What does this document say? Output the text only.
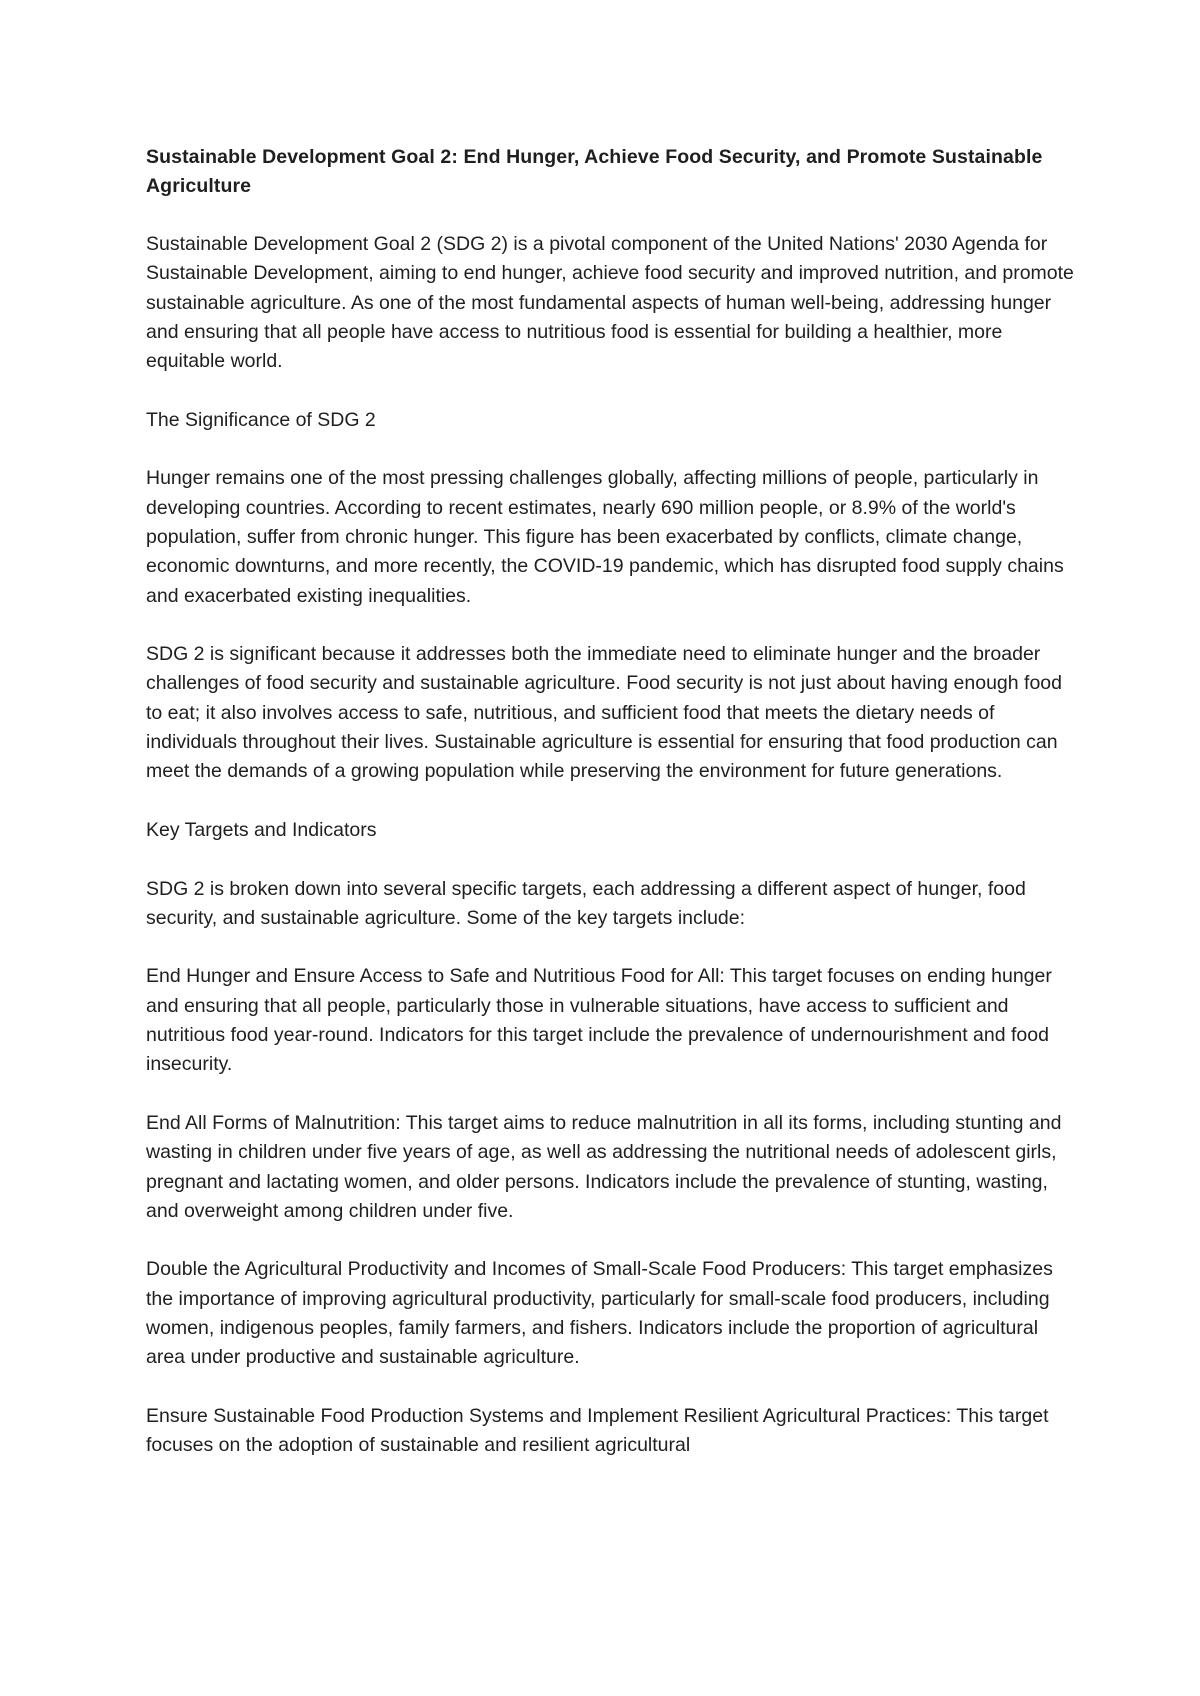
Sustainable Development Goal 2: End Hunger, Achieve Food Security, and Promote Sustainable Agriculture
Sustainable Development Goal 2 (SDG 2) is a pivotal component of the United Nations' 2030 Agenda for Sustainable Development, aiming to end hunger, achieve food security and improved nutrition, and promote sustainable agriculture. As one of the most fundamental aspects of human well-being, addressing hunger and ensuring that all people have access to nutritious food is essential for building a healthier, more equitable world.
The Significance of SDG 2
Hunger remains one of the most pressing challenges globally, affecting millions of people, particularly in developing countries. According to recent estimates, nearly 690 million people, or 8.9% of the world's population, suffer from chronic hunger. This figure has been exacerbated by conflicts, climate change, economic downturns, and more recently, the COVID-19 pandemic, which has disrupted food supply chains and exacerbated existing inequalities.
SDG 2 is significant because it addresses both the immediate need to eliminate hunger and the broader challenges of food security and sustainable agriculture. Food security is not just about having enough food to eat; it also involves access to safe, nutritious, and sufficient food that meets the dietary needs of individuals throughout their lives. Sustainable agriculture is essential for ensuring that food production can meet the demands of a growing population while preserving the environment for future generations.
Key Targets and Indicators
SDG 2 is broken down into several specific targets, each addressing a different aspect of hunger, food security, and sustainable agriculture. Some of the key targets include:
End Hunger and Ensure Access to Safe and Nutritious Food for All: This target focuses on ending hunger and ensuring that all people, particularly those in vulnerable situations, have access to sufficient and nutritious food year-round. Indicators for this target include the prevalence of undernourishment and food insecurity.
End All Forms of Malnutrition: This target aims to reduce malnutrition in all its forms, including stunting and wasting in children under five years of age, as well as addressing the nutritional needs of adolescent girls, pregnant and lactating women, and older persons. Indicators include the prevalence of stunting, wasting, and overweight among children under five.
Double the Agricultural Productivity and Incomes of Small-Scale Food Producers: This target emphasizes the importance of improving agricultural productivity, particularly for small-scale food producers, including women, indigenous peoples, family farmers, and fishers. Indicators include the proportion of agricultural area under productive and sustainable agriculture.
Ensure Sustainable Food Production Systems and Implement Resilient Agricultural Practices: This target focuses on the adoption of sustainable and resilient agricultural
